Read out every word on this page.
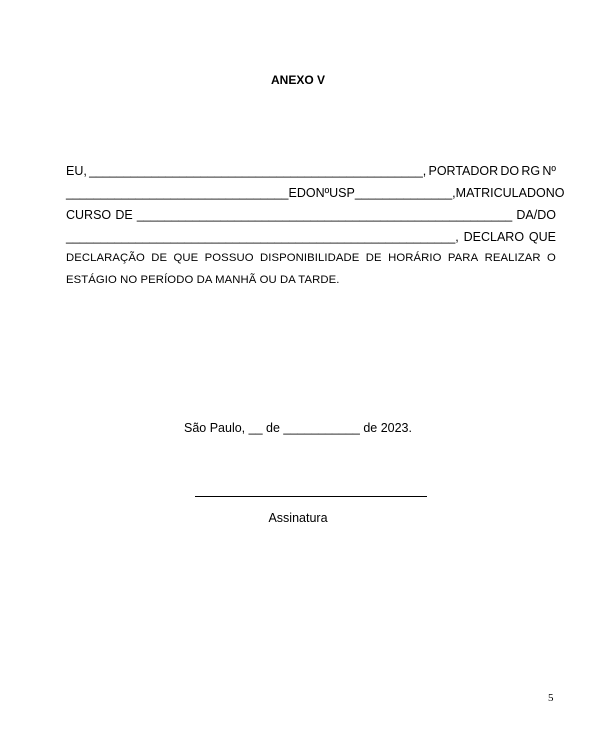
ANEXO V
EU, ________________________________________________, PORTADOR DO RG Nº
________________________________ E DO Nº USP ______________, MATRICULADO NO
CURSO DE ______________________________________________________ DA/DO
________________________________________________________, DECLARO QUE
DECLARAÇÃO DE QUE POSSUO DISPONIBILIDADE DE HORÁRIO PARA REALIZAR O
ESTÁGIO NO PERÍODO DA MANHÃ OU DA TARDE.
São Paulo, __ de ___________ de 2023.
Assinatura
5
